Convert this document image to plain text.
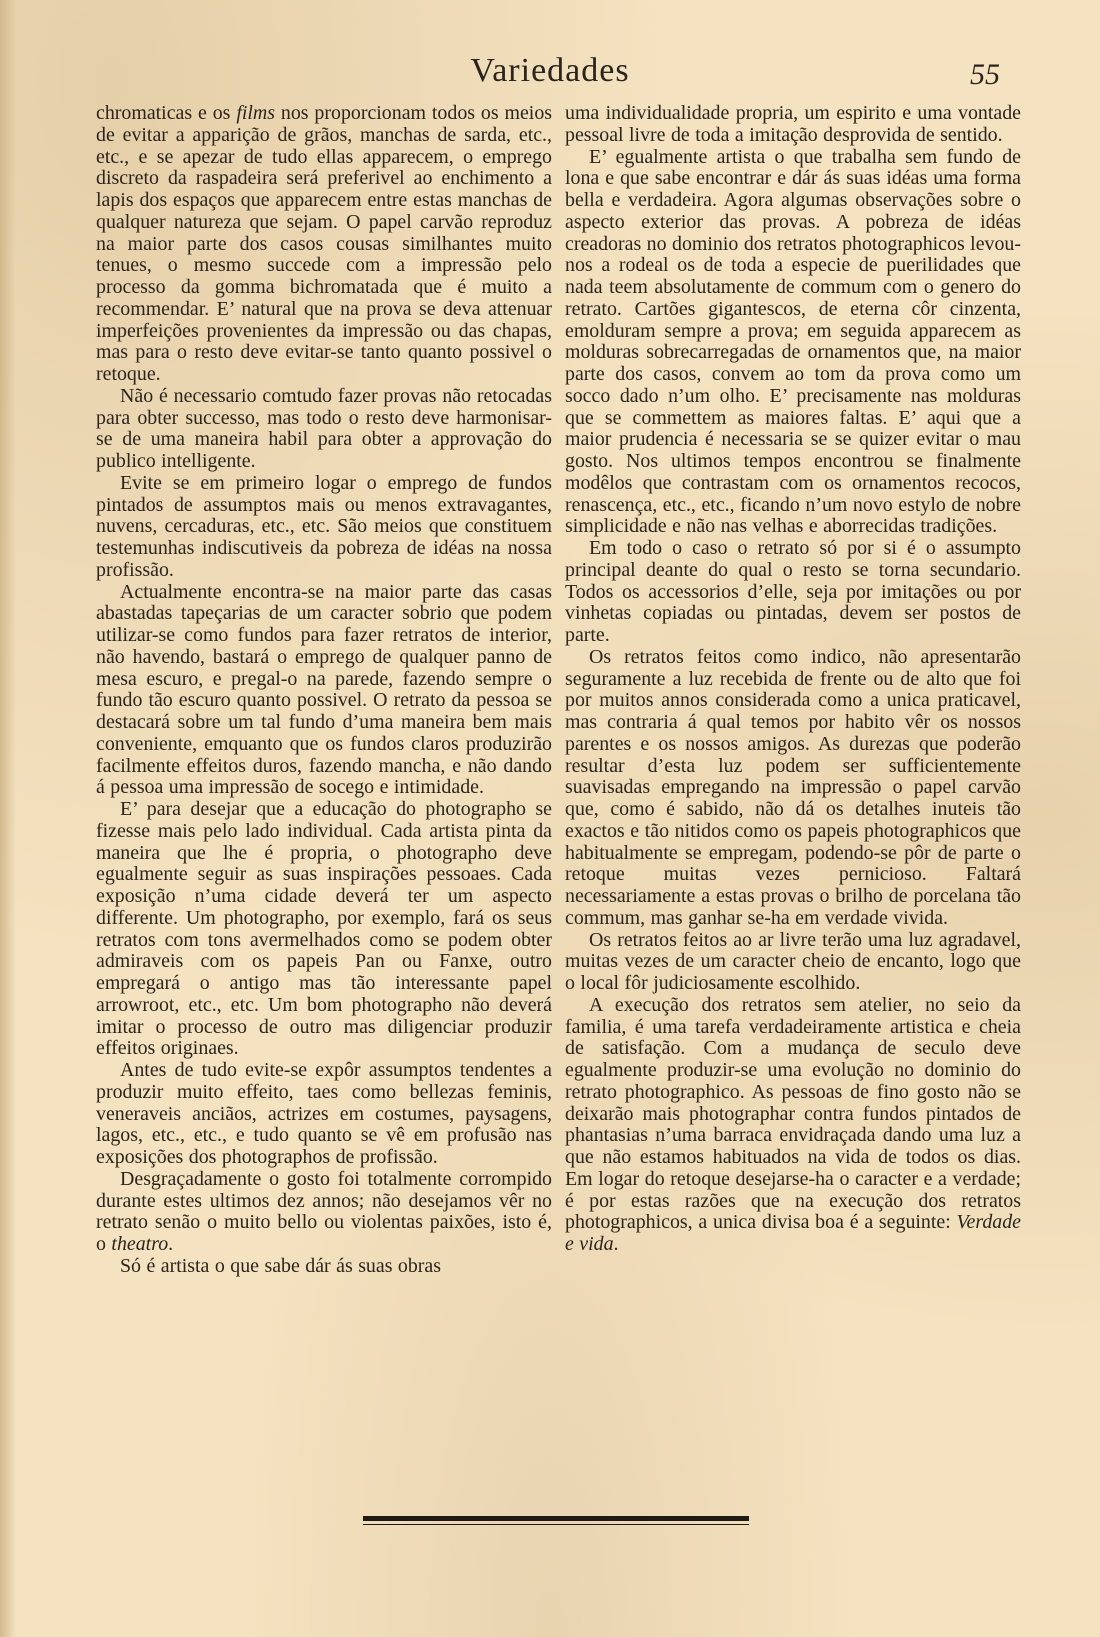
Variedades	55

chromaticas e os films nos proporcionam todos os meios de evitar a apparição de grãos, manchas de sarda, etc., etc., e se apezar de tudo ellas apparecem, o emprego discreto da raspadeira será preferivel ao enchimento a lapis dos espaços que apparecem entre estas manchas de qualquer natureza que sejam. O papel carvão reproduz na maior parte dos casos cousas similhantes muito tenues, o mesmo succede com a impressão pelo processo da gomma bichromatada que é muito a recommendar. E’ natural que na prova se deva attenuar imperfeições provenientes da impressão ou das chapas, mas para o resto deve evitar-se tanto quanto possivel o retoque.

Não é necessario comtudo fazer provas não retocadas para obter successo, mas todo o resto deve harmonisar-se de uma maneira habil para obter a approvação do publico intelligente.

Evite se em primeiro logar o emprego de fundos pintados de assumptos mais ou menos extravagantes, nuvens, cercaduras, etc., etc. São meios que constituem testemunhas indiscutiveis da pobreza de idéas na nossa profissão.

Actualmente encontra-se na maior parte das casas abastadas tapeçarias de um caracter sobrio que podem utilizar-se como fundos para fazer retratos de interior, não havendo, bastará o emprego de qualquer panno de mesa escuro, e pregal-o na parede, fazendo sempre o fundo tão escuro quanto possivel. O retrato da pessoa se destacará sobre um tal fundo d’uma maneira bem mais conveniente, emquanto que os fundos claros produzirão facilmente effeitos duros, fazendo mancha, e não dando á pessoa uma impressão de socego e intimidade.

E’ para desejar que a educação do photographo se fizesse mais pelo lado individual. Cada artista pinta da maneira que lhe é propria, o photographo deve egualmente seguir as suas inspirações pessoaes. Cada exposição n’uma cidade deverá ter um aspecto differente. Um photographo, por exemplo, fará os seus retratos com tons avermelhados como se podem obter admiraveis com os papeis Pan ou Fanxe, outro empregará o antigo mas tão interessante papel arrowroot, etc., etc. Um bom photographo não deverá imitar o processo de outro mas diligenciar produzir effeitos originaes.

Antes de tudo evite-se expôr assumptos tendentes a produzir muito effeito, taes como bellezas feminis, veneraveis anciãos, actrizes em costumes, paysagens, lagos, etc., etc., e tudo quanto se vê em profusão nas exposições dos photographos de profissão.

Desgraçadamente o gosto foi totalmente corrompido durante estes ultimos dez annos; não desejamos vêr no retrato senão o muito bello ou violentas paixões, isto é, o theatro.

Só é artista o que sabe dár ás suas obras

uma individualidade propria, um espirito e uma vontade pessoal livre de toda a imitação desprovida de sentido.

E’ egualmente artista o que trabalha sem fundo de lona e que sabe encontrar e dár ás suas idéas uma forma bella e verdadeira. Agora algumas observações sobre o aspecto exterior das provas. A pobreza de idéas creadoras no dominio dos retratos photographicos levou-nos a rodeal os de toda a especie de puerilidades que nada teem absolutamente de commum com o genero do retrato. Cartões gigantescos, de eterna côr cinzenta, emolduram sempre a prova; em seguida apparecem as molduras sobrecarregadas de ornamentos que, na maior parte dos casos, convem ao tom da prova como um socco dado n’um olho. E’ precisamente nas molduras que se commettem as maiores faltas. E’ aqui que a maior prudencia é necessaria se se quizer evitar o mau gosto. Nos ultimos tempos encontrou se finalmente modêlos que contrastam com os ornamentos recocos, renascença, etc., etc., ficando n’um novo estylo de nobre simplicidade e não nas velhas e aborrecidas tradições.

Em todo o caso o retrato só por si é o assumpto principal deante do qual o resto se torna secundario. Todos os accessorios d’elle, seja por imitações ou por vinhetas copiadas ou pintadas, devem ser postos de parte.

Os retratos feitos como indico, não apresentarão seguramente a luz recebida de frente ou de alto que foi por muitos annos considerada como a unica praticavel, mas contraria á qual temos por habito vêr os nossos parentes e os nossos amigos. As durezas que poderão resultar d’esta luz podem ser sufficientemente suavisadas empregando na impressão o papel carvão que, como é sabido, não dá os detalhes inuteis tão exactos e tão nitidos como os papeis photographicos que habitualmente se empregam, podendo-se pôr de parte o retoque muitas vezes pernicioso. Faltará necessariamente a estas provas o brilho de porcelana tão commum, mas ganhar se-ha em verdade vivida.

Os retratos feitos ao ar livre terão uma luz agradavel, muitas vezes de um caracter cheio de encanto, logo que o local fôr judiciosamente escolhido.

A execução dos retratos sem atelier, no seio da familia, é uma tarefa verdadeiramente artistica e cheia de satisfação. Com a mudança de seculo deve egualmente produzir-se uma evolução no dominio do retrato photographico. As pessoas de fino gosto não se deixarão mais photographar contra fundos pintados de phantasias n’uma barraca envidraçada dando uma luz a que não estamos habituados na vida de todos os dias. Em logar do retoque desejarse-ha o caracter e a verdade; é por estas razões que na execução dos retratos photographicos, a unica divisa boa é a seguinte: Verdade e vida.
